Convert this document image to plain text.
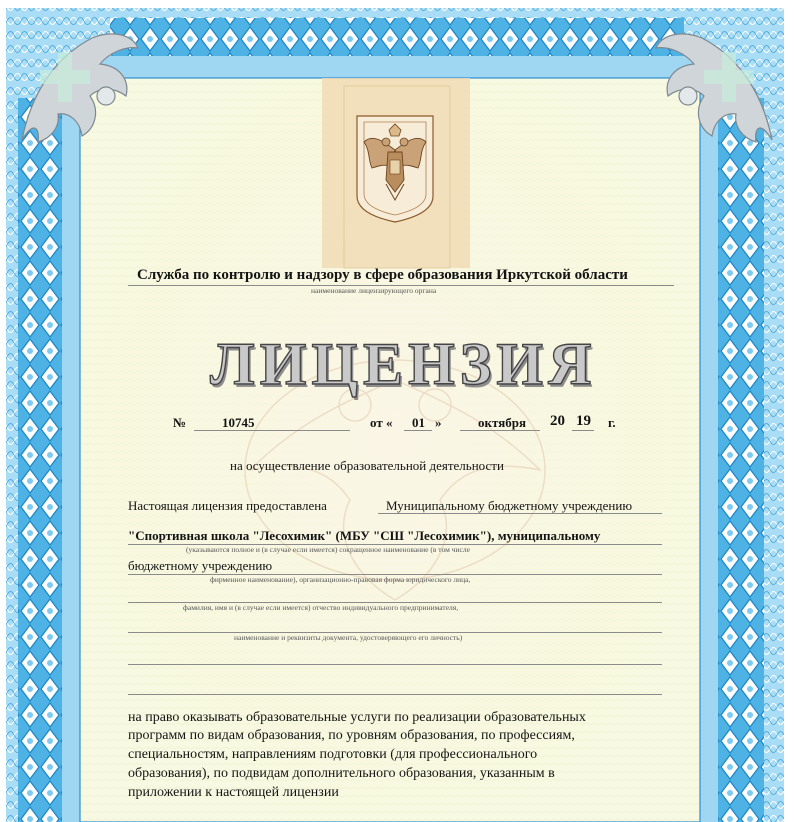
Служба по контролю и надзору в сфере образования Иркутской области
наименование лицензирующего органа
ЛИЦЕНЗИЯ
№	10745	от « 01 »	октября 20 19 г.
на осуществление образовательной деятельности
Настоящая лицензия предоставлена	Муниципальному бюджетному учреждению
"Спортивная школа "Лесохимик" (МБУ "СШ "Лесохимик"), муниципальному
(указываются полное и (в случае если имеется) сокращенное наименование (в том числе
бюджетному учреждению
фирменное наименование), организационно-правовая форма юридического лица,
фамилия, имя и (в случае если имеется) отчество индивидуального предпринимателя,
наименование и реквизиты документа, удостоверяющего его личность)
на право оказывать образовательные услуги по реализации образовательных
программ по видам образования, по уровням образования, по профессиям,
специальностям, направлениям подготовки (для профессионального
образования), по подвидам дополнительного образования, указанным в
приложении к настоящей лицензии
